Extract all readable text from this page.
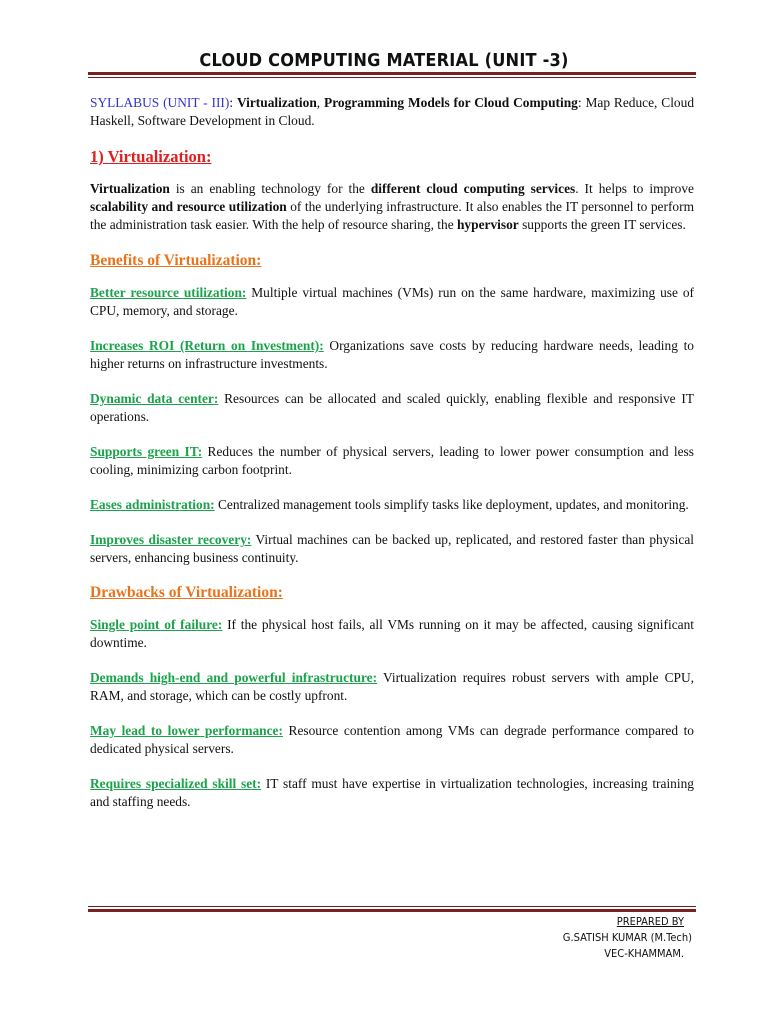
CLOUD COMPUTING MATERIAL (UNIT -3)

SYLLABUS (UNIT - III): Virtualization, Programming Models for Cloud Computing: Map Reduce, Cloud Haskell, Software Development in Cloud.

1) Virtualization:

Virtualization is an enabling technology for the different cloud computing services. It helps to improve scalability and resource utilization of the underlying infrastructure. It also enables the IT personnel to perform the administration task easier. With the help of resource sharing, the hypervisor supports the green IT services.

Benefits of Virtualization:

Better resource utilization: Multiple virtual machines (VMs) run on the same hardware, maximizing use of CPU, memory, and storage.

Increases ROI (Return on Investment): Organizations save costs by reducing hardware needs, leading to higher returns on infrastructure investments.

Dynamic data center: Resources can be allocated and scaled quickly, enabling flexible and responsive IT operations.

Supports green IT: Reduces the number of physical servers, leading to lower power consumption and less cooling, minimizing carbon footprint.

Eases administration: Centralized management tools simplify tasks like deployment, updates, and monitoring.

Improves disaster recovery: Virtual machines can be backed up, replicated, and restored faster than physical servers, enhancing business continuity.

Drawbacks of Virtualization:

Single point of failure: If the physical host fails, all VMs running on it may be affected, causing significant downtime.

Demands high-end and powerful infrastructure: Virtualization requires robust servers with ample CPU, RAM, and storage, which can be costly upfront.

May lead to lower performance: Resource contention among VMs can degrade performance compared to dedicated physical servers.

Requires specialized skill set: IT staff must have expertise in virtualization technologies, increasing training and staffing needs.

PREPARED BY
G.SATISH KUMAR (M.Tech)
VEC-KHAMMAM.
